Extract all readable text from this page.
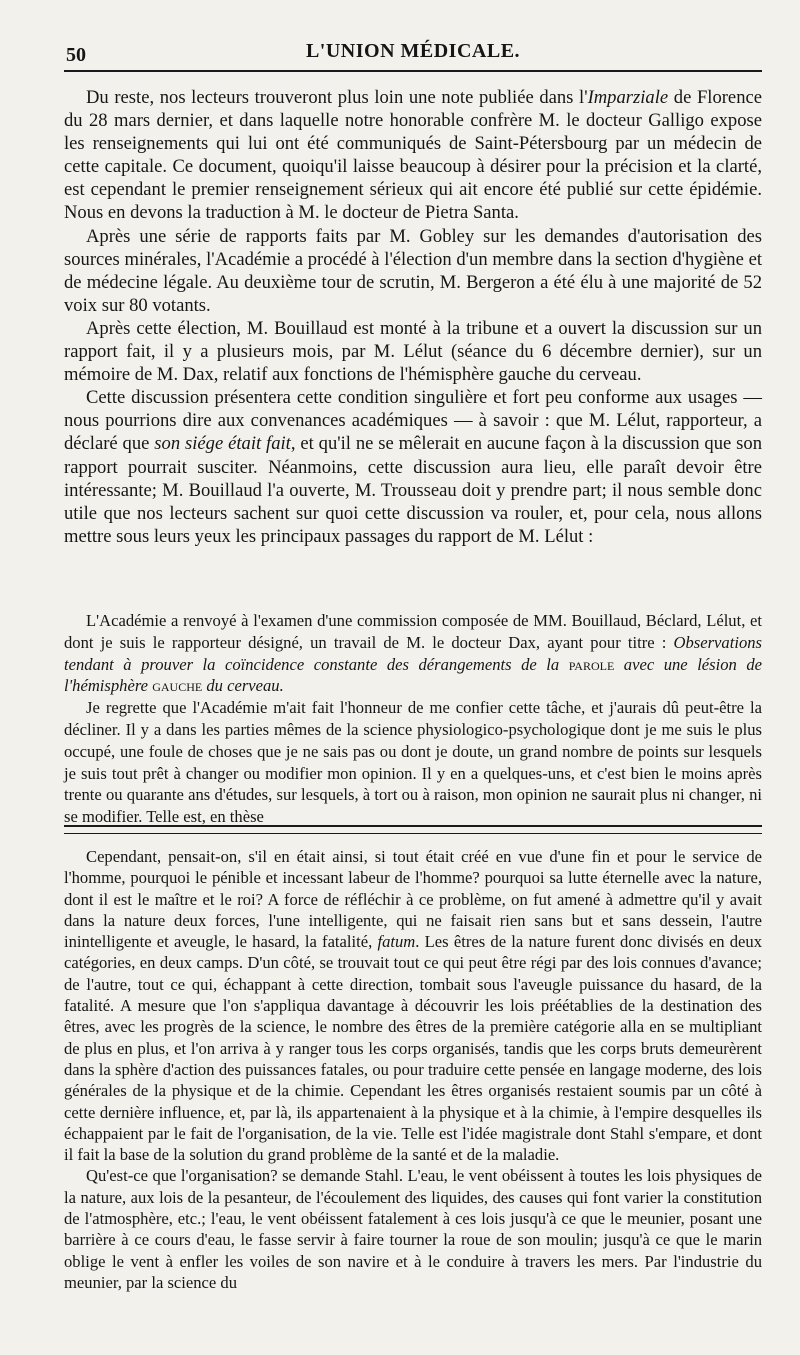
50	L'UNION MÉDICALE.

Du reste, nos lecteurs trouveront plus loin une note publiée dans l'Imparziale de Florence du 28 mars dernier, et dans laquelle notre honorable confrère M. le docteur Galligo expose les renseignements qui lui ont été communiqués de Saint-Pétersbourg par un médecin de cette capitale. Ce document, quoiqu'il laisse beaucoup à désirer pour la précision et la clarté, est cependant le premier renseignement sérieux qui ait encore été publié sur cette épidémie. Nous en devons la traduction à M. le docteur de Pietra Santa.

Après une série de rapports faits par M. Gobley sur les demandes d'autorisation des sources minérales, l'Académie a procédé à l'élection d'un membre dans la section d'hygiène et de médecine légale. Au deuxième tour de scrutin, M. Bergeron a été élu à une majorité de 52 voix sur 80 votants.

Après cette élection, M. Bouillaud est monté à la tribune et a ouvert la discussion sur un rapport fait, il y a plusieurs mois, par M. Lélut (séance du 6 décembre dernier), sur un mémoire de M. Dax, relatif aux fonctions de l'hémisphère gauche du cerveau.

Cette discussion présentera cette condition singulière et fort peu conforme aux usages — nous pourrions dire aux convenances académiques — à savoir : que M. Lélut, rapporteur, a déclaré que son siége était fait, et qu'il ne se mêlerait en aucune façon à la discussion que son rapport pourrait susciter. Néanmoins, cette discussion aura lieu, elle paraît devoir être intéressante; M. Bouillaud l'a ouverte, M. Trousseau doit y prendre part; il nous semble donc utile que nos lecteurs sachent sur quoi cette discussion va rouler, et, pour cela, nous allons mettre sous leurs yeux les principaux passages du rapport de M. Lélut :

L'Académie a renvoyé à l'examen d'une commission composée de MM. Bouillaud, Béclard, Lélut, et dont je suis le rapporteur désigné, un travail de M. le docteur Dax, ayant pour titre : Observations tendant à prouver la coïncidence constante des dérangements de la parole avec une lésion de l'hémisphère gauche du cerveau.

Je regrette que l'Académie m'ait fait l'honneur de me confier cette tâche, et j'aurais dû peut-être la décliner. Il y a dans les parties mêmes de la science physiologico-psychologique dont je me suis le plus occupé, une foule de choses que je ne sais pas ou dont je doute, un grand nombre de points sur lesquels je suis tout prêt à changer ou modifier mon opinion. Il y en a quelques-uns, et c'est bien le moins après trente ou quarante ans d'études, sur lesquels, à tort ou à raison, mon opinion ne saurait plus ni changer, ni se modifier. Telle est, en thèse

Cependant, pensait-on, s'il en était ainsi, si tout était créé en vue d'une fin et pour le service de l'homme, pourquoi le pénible et incessant labeur de l'homme? pourquoi sa lutte éternelle avec la nature, dont il est le maître et le roi? A force de réfléchir à ce problème, on fut amené à admettre qu'il y avait dans la nature deux forces, l'une intelligente, qui ne faisait rien sans but et sans dessein, l'autre inintelligente et aveugle, le hasard, la fatalité, fatum. Les êtres de la nature furent donc divisés en deux catégories, en deux camps. D'un côté, se trouvait tout ce qui peut être régi par des lois connues d'avance; de l'autre, tout ce qui, échappant à cette direction, tombait sous l'aveugle puissance du hasard, de la fatalité. A mesure que l'on s'appliqua davantage à découvrir les lois préétablies de la destination des êtres, avec les progrès de la science, le nombre des êtres de la première catégorie alla en se multipliant de plus en plus, et l'on arriva à y ranger tous les corps organisés, tandis que les corps bruts demeurèrent dans la sphère d'action des puissances fatales, ou pour traduire cette pensée en langage moderne, des lois générales de la physique et de la chimie. Cependant les êtres organisés restaient soumis par un côté à cette dernière influence, et, par là, ils appartenaient à la physique et à la chimie, à l'empire desquelles ils échappaient par le fait de l'organisation, de la vie. Telle est l'idée magistrale dont Stahl s'empare, et dont il fait la base de la solution du grand problème de la santé et de la maladie.

Qu'est-ce que l'organisation? se demande Stahl. L'eau, le vent obéissent à toutes les lois physiques de la nature, aux lois de la pesanteur, de l'écoulement des liquides, des causes qui font varier la constitution de l'atmosphère, etc.; l'eau, le vent obéissent fatalement à ces lois jusqu'à ce que le meunier, posant une barrière à ce cours d'eau, le fasse servir à faire tourner la roue de son moulin; jusqu'à ce que le marin oblige le vent à enfler les voiles de son navire et à le conduire à travers les mers. Par l'industrie du meunier, par la science du
